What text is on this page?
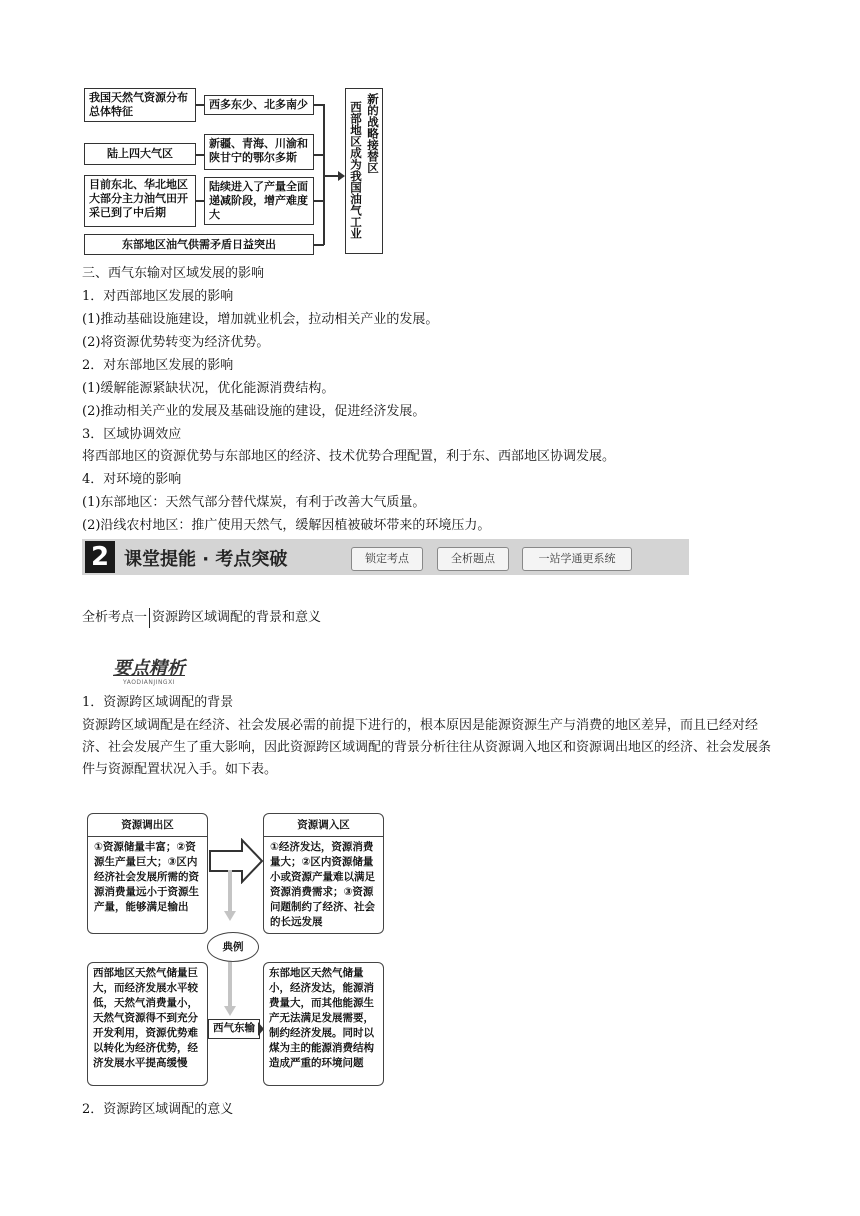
我国天然气资源分布总体特征
西多东少、北多南少
陆上四大气区
新疆、青海、川渝和陕甘宁的鄂尔多斯
目前东北、华北地区大部分主力油气田开采已到了中后期
陆续进入了产量全面递减阶段，增产难度大
东部地区油气供需矛盾日益突出
新的战略接替区
西部地区成为我国油气工业
三、西气东输对区域发展的影响
1．对西部地区发展的影响
(1)推动基础设施建设，增加就业机会，拉动相关产业的发展。
(2)将资源优势转变为经济优势。
2．对东部地区发展的影响
(1)缓解能源紧缺状况，优化能源消费结构。
(2)推动相关产业的发展及基础设施的建设，促进经济发展。
3．区域协调效应
将西部地区的资源优势与东部地区的经济、技术优势合理配置，利于东、西部地区协调发展。
4．对环境的影响
(1)东部地区：天然气部分替代煤炭，有利于改善大气质量。
(2)沿线农村地区：推广使用天然气，缓解因植被破坏带来的环境压力。
2 课堂提能 · 考点突破	锁定考点	全析题点	一站学通更系统
全析考点一 资源跨区域调配的背景和意义
要点精析
YAODIANJINGXI
1．资源跨区域调配的背景
资源跨区域调配是在经济、社会发展必需的前提下进行的，根本原因是能源资源生产与消费的地区差异，而且已经对经济、社会发展产生了重大影响，因此资源跨区域调配的背景分析往往从资源调入地区和资源调出地区的经济、社会发展条件与资源配置状况入手。如下表。
资源调出区
①资源储量丰富；②资源生产量巨大；③区内经济社会发展所需的资源消费量远小于资源生产量，能够满足输出
资源调入区
①经济发达，资源消费量大；②区内资源储量小或资源产量难以满足资源消费需求；③资源问题制约了经济、社会的长远发展
典例
西部地区天然气储量巨大，而经济发展水平较低，天然气消费量小，天然气资源得不到充分开发利用，资源优势难以转化为经济优势，经济发展水平提高缓慢
西气东输
东部地区天然气储量小，经济发达，能源消费量大，而其他能源生产无法满足发展需要，制约经济发展。同时以煤为主的能源消费结构造成严重的环境问题
2．资源跨区域调配的意义
